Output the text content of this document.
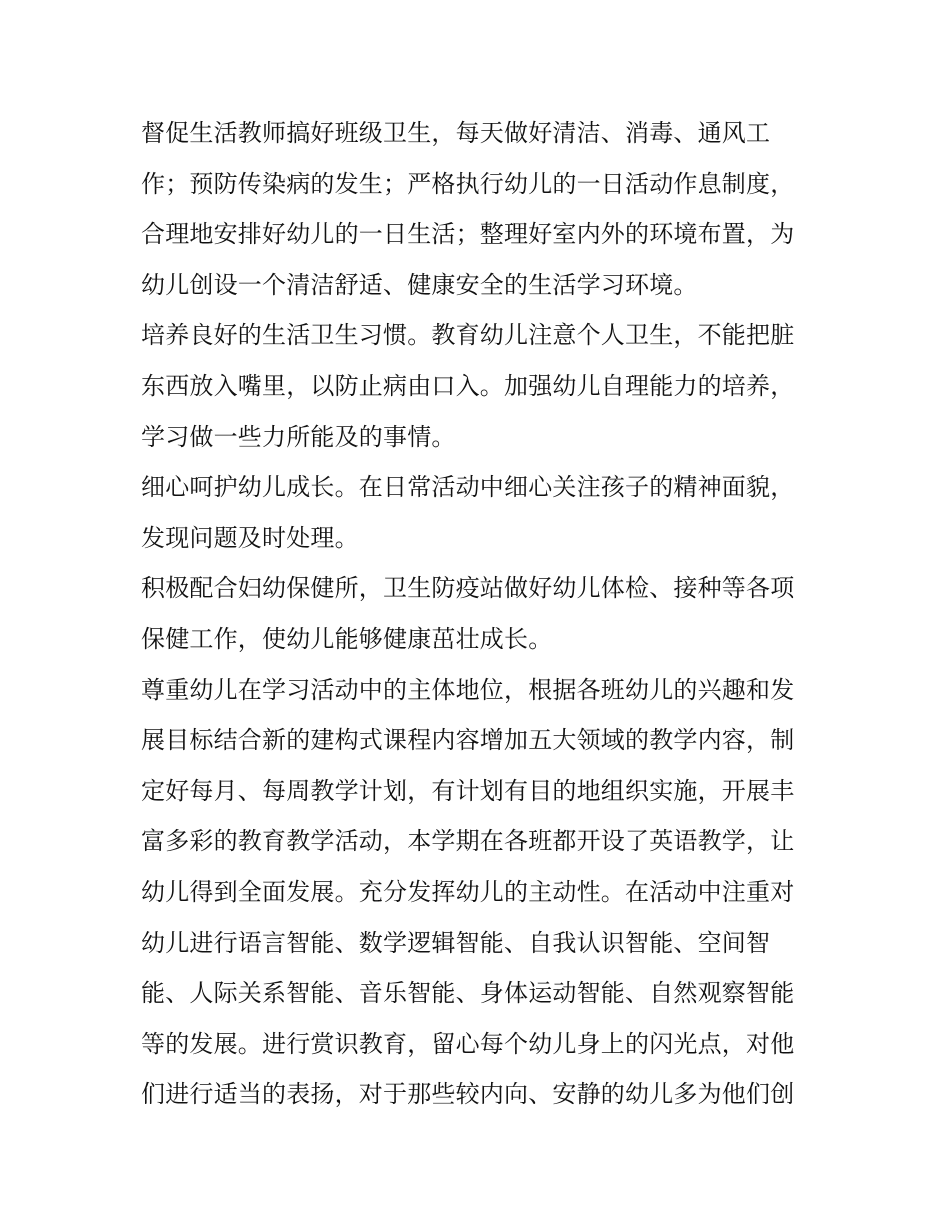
督促生活教师搞好班级卫生，每天做好清洁、消毒、通风工
作；预防传染病的发生；严格执行幼儿的一日活动作息制度，
合理地安排好幼儿的一日生活；整理好室内外的环境布置，为
幼儿创设一个清洁舒适、健康安全的生活学习环境。
培养良好的生活卫生习惯。教育幼儿注意个人卫生，不能把脏
东西放入嘴里，以防止病由口入。加强幼儿自理能力的培养，
学习做一些力所能及的事情。
细心呵护幼儿成长。在日常活动中细心关注孩子的精神面貌，
发现问题及时处理。
积极配合妇幼保健所，卫生防疫站做好幼儿体检、接种等各项
保健工作，使幼儿能够健康茁壮成长。
尊重幼儿在学习活动中的主体地位，根据各班幼儿的兴趣和发
展目标结合新的建构式课程内容增加五大领域的教学内容，制
定好每月、每周教学计划，有计划有目的地组织实施，开展丰
富多彩的教育教学活动，本学期在各班都开设了英语教学，让
幼儿得到全面发展。充分发挥幼儿的主动性。在活动中注重对
幼儿进行语言智能、数学逻辑智能、自我认识智能、空间智
能、人际关系智能、音乐智能、身体运动智能、自然观察智能
等的发展。进行赏识教育，留心每个幼儿身上的闪光点，对他
们进行适当的表扬，对于那些较内向、安静的幼儿多为他们创
